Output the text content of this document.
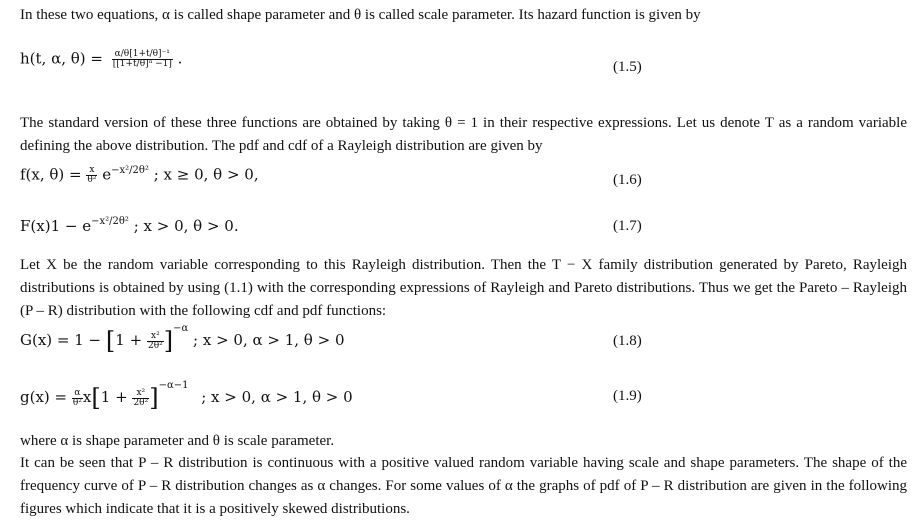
In these two equations, α is called shape parameter and θ is called scale parameter. Its hazard function is given by

h(t, α, $\theta) = \frac{\text{α/θ[1+t/θ]⁻¹}}{\text{[[1+t/θ]ᵅ −1]}}$ .	(1.5)

The standard version of these three functions are obtained by taking θ = 1 in their respective expressions. Let us denote T as a random variable defining the above distribution. The pdf and cdf of a Rayleigh distribution are given by

f(x, $\theta) = \frac{x}{\text{θ²}} e^{-x^2/2\theta^2}$ ; x ≥ 0, θ > 0,	(1.6)
$F(x)1 - e^{-x^2/2\theta^2}$ ; x > 0, θ > 0.	(1.7)

Let X be the random variable corresponding to this Rayleigh distribution. Then the T − X family distribution generated by Pareto, Rayleigh distributions is obtained by using (1.1) with the corresponding expressions of Rayleigh and Pareto distributions. Thus we get the Pareto – Rayleigh (P – R) distribution with the following cdf and pdf functions:

$G(x) = 1 - [1 + \frac{\text{x²}}{\text{2θ²}} ]^{-\alpha}$ ; x > 0, α > 1, θ > 0	(1.8)
$g(x) = \frac{\alpha}{\text{θ²}} x[1 + \frac{\text{x²}}{\text{2θ²}} ]^{-\alpha-1}$ ; x > 0, α > 1, θ > 0	(1.9)

where α is shape parameter and θ is scale parameter.

It can be seen that P – R distribution is continuous with a positive valued random variable having scale and shape parameters. The shape of the frequency curve of P – R distribution changes as α changes. For some values of α the graphs of pdf of P – R distribution are given in the following figures which indicate that it is a positively skewed distributions.
